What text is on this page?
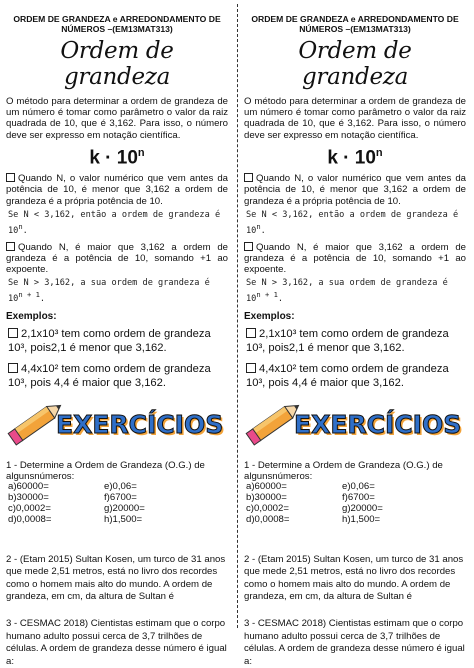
ORDEM DE GRANDEZA e ARREDONDAMENTO DE NÚMEROS –(EM13MAT313)
Ordem de grandeza

O método para determinar a ordem de grandeza de um número é tomar como parâmetro o valor da raiz quadrada de 10, que é 3,162. Para isso, o número deve ser expresso em notação científica.

$k \cdot 10^n$

Quando N, o valor numérico que vem antes da potência de 10, é menor que 3,162 a ordem de grandeza é a própria potência de 10.

Se N < 3,162, então a ordem de grandeza é 10$^n$.

Quando N, é maior que 3,162 a ordem de grandeza é a potência de 10, somando +1 ao expoente.

Se N > 3,162, a sua ordem de grandeza é $10^{n + 1}$.
Exemplos:
2,1x10³ tem como ordem de grandeza 10³, pois2,1 é menor que 3,162.
4,4x10² tem como ordem de grandeza 10³, pois 4,4 é maior que 3,162.
EXERCÍCIOS

1 - Determine a Ordem de Grandeza (O.G.) de algunsnúmeros:

a)60000=	e)0,06=
b)30000=	f)6700=
c)0,0002=	g)20000=
d)0,0008=	h)1,500=

2 - (Etam 2015) Sultan Kosen, um turco de 31 anos que mede 2,51 metros, está no livro dos recordes como o homem mais alto do mundo. A ordem de grandeza, em cm, da altura de Sultan é

3 - CESMAC 2018) Cientistas estimam que o corpo humano adulto possui cerca de 3,7 trilhões de células. A ordem de grandeza desse número é igual a:

ORDEM DE GRANDEZA e ARREDONDAMENTO DE NÚMEROS –(EM13MAT313)
Ordem de grandeza

O método para determinar a ordem de grandeza de um número é tomar como parâmetro o valor da raiz quadrada de 10, que é 3,162. Para isso, o número deve ser expresso em notação científica.

$k \cdot 10^n$

Quando N, o valor numérico que vem antes da potência de 10, é menor que 3,162 a ordem de grandeza é a própria potência de 10.

Se N < 3,162, então a ordem de grandeza é 10$^n$.

Quando N, é maior que 3,162 a ordem de grandeza é a potência de 10, somando +1 ao expoente.

Se N > 3,162, a sua ordem de grandeza é $10^{n + 1}$.
Exemplos:
2,1x10³ tem como ordem de grandeza 10³, pois2,1 é menor que 3,162.
4,4x10² tem como ordem de grandeza 10³, pois 4,4 é maior que 3,162.
EXERCÍCIOS

1 - Determine a Ordem de Grandeza (O.G.) de algunsnúmeros:

a)60000=	e)0,06=
b)30000=	f)6700=
c)0,0002=	g)20000=
d)0,0008=	h)1,500=

2 - (Etam 2015) Sultan Kosen, um turco de 31 anos que mede 2,51 metros, está no livro dos recordes como o homem mais alto do mundo. A ordem de grandeza, em cm, da altura de Sultan é

3 - CESMAC 2018) Cientistas estimam que o corpo humano adulto possui cerca de 3,7 trilhões de células. A ordem de grandeza desse número é igual a:
